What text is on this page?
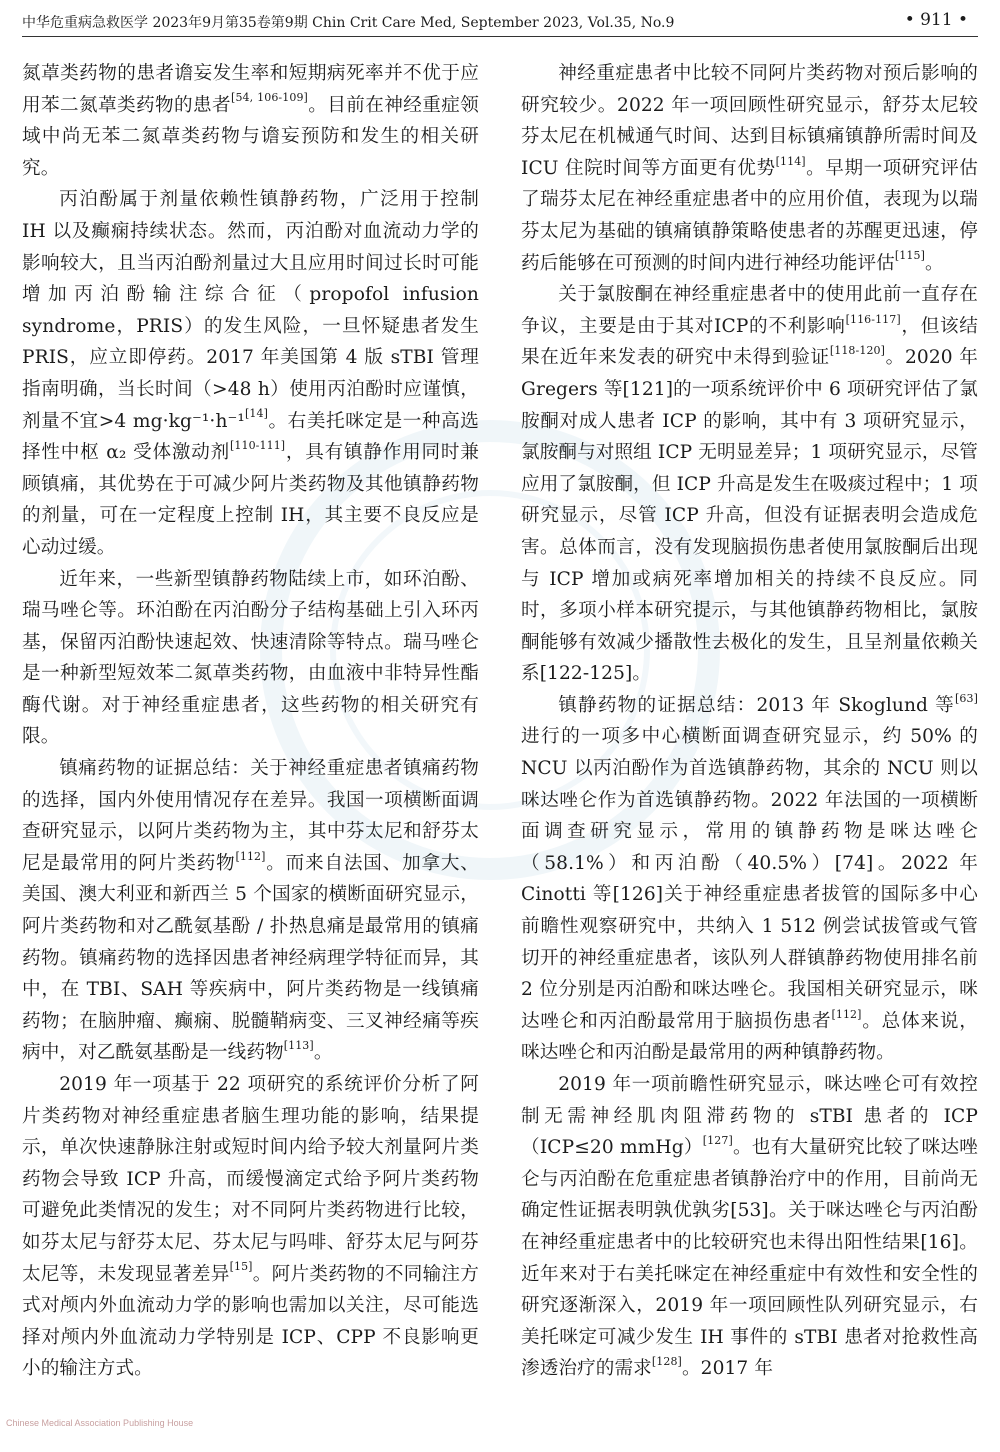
中华危重病急救医学 2023年9月第35卷第9期 Chin Crit Care Med, September 2023, Vol.35, No.9	• 911 •

氮䓬类药物的患者谵妄发生率和短期病死率并不优于应用苯二氮䓬类药物的患者[54, 106-109]。目前在神经重症领域中尚无苯二氮䓬类药物与谵妄预防和发生的相关研究。

丙泊酚属于剂量依赖性镇静药物，广泛用于控制 IH 以及癫痫持续状态。然而，丙泊酚对血流动力学的影响较大，且当丙泊酚剂量过大且应用时间过长时可能增加丙泊酚输注综合征（propofol infusion syndrome，PRIS）的发生风险，一旦怀疑患者发生 PRIS，应立即停药。2017 年美国第 4 版 sTBI 管理指南明确，当长时间（>48 h）使用丙泊酚时应谨慎，剂量不宜>4 mg·kg⁻¹·h⁻¹[14]。右美托咪定是一种高选择性中枢 α₂ 受体激动剂[110-111]，具有镇静作用同时兼顾镇痛，其优势在于可减少阿片类药物及其他镇静药物的剂量，可在一定程度上控制 IH，其主要不良反应是心动过缓。

近年来，一些新型镇静药物陆续上市，如环泊酚、瑞马唑仑等。环泊酚在丙泊酚分子结构基础上引入环丙基，保留丙泊酚快速起效、快速清除等特点。瑞马唑仑是一种新型短效苯二氮䓬类药物，由血液中非特异性酯酶代谢。对于神经重症患者，这些药物的相关研究有限。

镇痛药物的证据总结：关于神经重症患者镇痛药物的选择，国内外使用情况存在差异。我国一项横断面调查研究显示，以阿片类药物为主，其中芬太尼和舒芬太尼是最常用的阿片类药物[112]。而来自法国、加拿大、美国、澳大利亚和新西兰 5 个国家的横断面研究显示，阿片类药物和对乙酰氨基酚 / 扑热息痛是最常用的镇痛药物。镇痛药物的选择因患者神经病理学特征而异，其中，在 TBI、SAH 等疾病中，阿片类药物是一线镇痛药物；在脑肿瘤、癫痫、脱髓鞘病变、三叉神经痛等疾病中，对乙酰氨基酚是一线药物[113]。

2019 年一项基于 22 项研究的系统评价分析了阿片类药物对神经重症患者脑生理功能的影响，结果提示，单次快速静脉注射或短时间内给予较大剂量阿片类药物会导致 ICP 升高，而缓慢滴定式给予阿片类药物可避免此类情况的发生；对不同阿片类药物进行比较，如芬太尼与舒芬太尼、芬太尼与吗啡、舒芬太尼与阿芬太尼等，未发现显著差异[15]。阿片类药物的不同输注方式对颅内外血流动力学的影响也需加以关注，尽可能选择对颅内外血流动力学特别是 ICP、CPP 不良影响更小的输注方式。

神经重症患者中比较不同阿片类药物对预后影响的研究较少。2022 年一项回顾性研究显示，舒芬太尼较芬太尼在机械通气时间、达到目标镇痛镇静所需时间及 ICU 住院时间等方面更有优势[114]。早期一项研究评估了瑞芬太尼在神经重症患者中的应用价值，表现为以瑞芬太尼为基础的镇痛镇静策略使患者的苏醒更迅速，停药后能够在可预测的时间内进行神经功能评估[115]。

关于氯胺酮在神经重症患者中的使用此前一直存在争议，主要是由于其对ICP的不利影响[116-117]，但该结果在近年来发表的研究中未得到验证[118-120]。2020 年 Gregers 等[121]的一项系统评价中 6 项研究评估了氯胺酮对成人患者 ICP 的影响，其中有 3 项研究显示，氯胺酮与对照组 ICP 无明显差异；1 项研究显示，尽管应用了氯胺酮，但 ICP 升高是发生在吸痰过程中；1 项研究显示，尽管 ICP 升高，但没有证据表明会造成危害。总体而言，没有发现脑损伤患者使用氯胺酮后出现与 ICP 增加或病死率增加相关的持续不良反应。同时，多项小样本研究提示，与其他镇静药物相比，氯胺酮能够有效减少播散性去极化的发生，且呈剂量依赖关系[122-125]。

镇静药物的证据总结：2013 年 Skoglund 等[63]进行的一项多中心横断面调查研究显示，约 50% 的 NCU 以丙泊酚作为首选镇静药物，其余的 NCU 则以咪达唑仑作为首选镇静药物。2022 年法国的一项横断面调查研究显示，常用的镇静药物是咪达唑仑（58.1%）和丙泊酚（40.5%）[74]。2022 年 Cinotti 等[126]关于神经重症患者拔管的国际多中心前瞻性观察研究中，共纳入 1 512 例尝试拔管或气管切开的神经重症患者，该队列人群镇静药物使用排名前 2 位分别是丙泊酚和咪达唑仑。我国相关研究显示，咪达唑仑和丙泊酚最常用于脑损伤患者[112]。总体来说，咪达唑仑和丙泊酚是最常用的两种镇静药物。

2019 年一项前瞻性研究显示，咪达唑仑可有效控制无需神经肌肉阻滞药物的 sTBI 患者的 ICP（ICP≤20 mmHg）[127]。也有大量研究比较了咪达唑仑与丙泊酚在危重症患者镇静治疗中的作用，目前尚无确定性证据表明孰优孰劣[53]。关于咪达唑仑与丙泊酚在神经重症患者中的比较研究也未得出阳性结果[16]。近年来对于右美托咪定在神经重症中有效性和安全性的研究逐渐深入，2019 年一项回顾性队列研究显示，右美托咪定可减少发生 IH 事件的 sTBI 患者对抢救性高渗透治疗的需求[128]。2017 年

Chinese Medical Association Publishing House
